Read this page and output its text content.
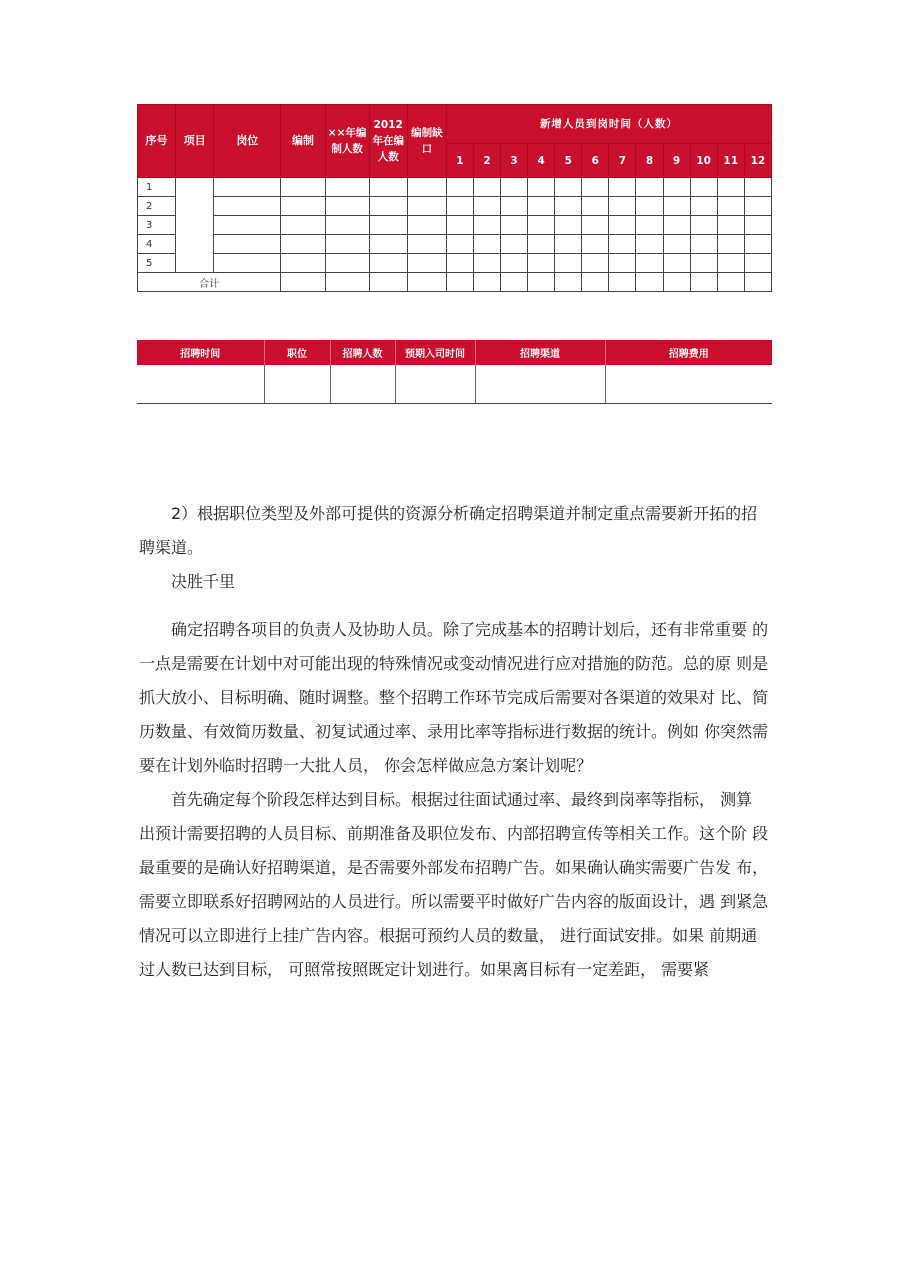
序号	项目	岗位	编制	××年编制人数	2012年在编人数	编制缺口	新增人员到岗时间（人数）											
							1	2	3	4	5	6	7	8	9	10	11	12
1																		
2																		
3																		
4																		
5																		
合计																		
招聘时间	职位	招聘人数	预期入司时间	招聘渠道	招聘费用

2）根据职位类型及外部可提供的资源分析确定招聘渠道并制定重点需要新开拓的招聘渠道。

决胜千里

确定招聘各项目的负责人及协助人员。除了完成基本的招聘计划后，还有非常重要 的一点是需要在计划中对可能出现的特殊情况或变动情况进行应对措施的防范。总的原 则是抓大放小、目标明确、随时调整。整个招聘工作环节完成后需要对各渠道的效果对 比、简历数量、有效简历数量、初复试通过率、录用比率等指标进行数据的统计。例如 你突然需要在计划外临时招聘一大批人员， 你会怎样做应急方案计划呢？

首先确定每个阶段怎样达到目标。根据过往面试通过率、最终到岗率等指标， 测算 出预计需要招聘的人员目标、前期准备及职位发布、内部招聘宣传等相关工作。这个阶 段最重要的是确认好招聘渠道，是否需要外部发布招聘广告。如果确认确实需要广告发 布，需要立即联系好招聘网站的人员进行。所以需要平时做好广告内容的版面设计，遇 到紧急情况可以立即进行上挂广告内容。根据可预约人员的数量， 进行面试安排。如果 前期通过人数已达到目标， 可照常按照既定计划进行。如果离目标有一定差距， 需要紧
